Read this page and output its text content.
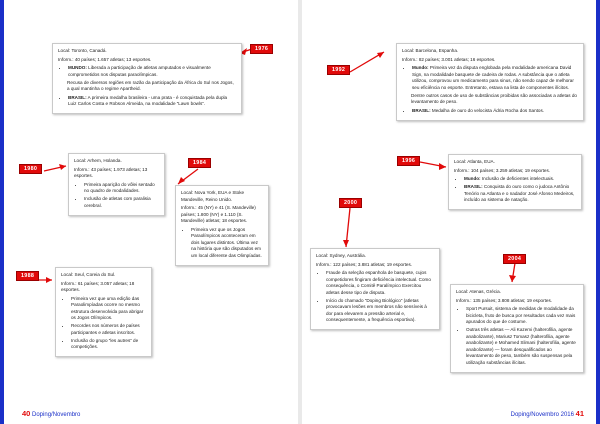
Local: Toronto, Canadá.

Inform.: 40 países; 1.657 atletas; 13 esportes.

• MUNDO: Liberada a participação de atletas amputados e visualmente comprometidos nos disputas paraolímpicas.

Recusa de diversos regiões em razão da participação da África do Sul nos Jogos, a qual mantinha o regime Apartheid.

• BRASIL: A primeira medalha brasileira - uma prata - é conquistada pela dupla Luiz Carlos Costa e Robson Almeida, na modalidade “Lawn bowls”.
1976
1980

Local: Arhem, Holanda.

Inform.: 43 países; 1.973 atletas; 13 esportes.

• Primeira aparição do vôlei sentado no quadro de modalidades.
• Inclusão de atletas com paralisia cerebral.
1984

Local: Nova York, EUA e Stoke Mandeville, Reino Unido.

Inform.: 45 (NY) e 41 (S. Mandeville) países; 1.800 (NY) e 1.110 (S. Mandeville) atletas; 18 esportes.

• Primeira vez que os Jogos Paraolímpicos aconteceram em dois lugares distintos. Última vez na história que são disputados em um local diferente das Olimpíadas.
1988	Local: Seul, Coreia do Sul.

Inform.: 61 países; 3.057 atletas; 18 esportes.

• Primeira vez que uma edição das Paraolimpíadas ocorre no mesmo estrutura desenvolvida para abrigar os Jogos Olímpicos.
• Recordes nos números de países participantes e atletas inscritos.
• Inclusão do grupo “les autres” de competições.
1992

Local: Barcelona, Espanha.

Inform.: 82 países; 3.001 atletas; 16 esportes.

• Mundo: Primeira vez da disputa englobada pela modalidade americana David Sign, na modalidade basquete de cadeira de rodas. A substância que o atleta utilizou, comprovou um medicamento para sinus, não sendo capaz de melhorar seu eficiência no esporte. Entretanto, estava na lista de componentes ilícitos.

Dentre outros casos de uso de substâncias proibidas são associadas a atletas do levantamento de peso.

• BRASIL: Medalha de ouro do velocista Ádria Rocha dos Santos.
1996	Local: Atlanta, EUA.

Inform.: 104 países; 3.259 atletas; 19 esportes.

• Mundo: Inclusão de deficientes intelectuais.
• BRASIL: Conquista do ouro como o judoca Antônio Tenório na Atlanta e o nadador José Afonso Medeiros, incluído ao sistema de natação.
2000

Local: Sydney, Austrália.

Inform.: 122 países; 3.881 atletas; 19 esportes.

• Fraude da seleção espanhola de basquete, cujos competidores fingiram deficiência intelectual. Como consequência, o Comitê Paralímpico Exercitou atletas desse tipo de disputa.
• Início do chamado “Doping Biológico” (atletas provocavam lesões em membros não sensíveis à dor para elevarem a pressão arterial e, consequentemente, a frequência esportiva).
2004

Local: Atenas, Grécia.

Inform.: 135 países; 3.808 atletas; 19 esportes.

• Sport Pursuit, sistema de medidas de modalidade da bicicleta, fruto de busca por resultados cada vez mais apurados do que de costume.
• Outras três atletas — Ali Kazemi (halterofilia, agente anabolizante), Mariusz Tomasz (halterofilia, agente anabolizante) e Mohamed Slimani (halterofilia, agente anabolizante) — foram desqualificados ao levantamento de peso, também são suspensas pela utilização substâncias ilícitas.
40 Doping/Novembro	Doping/Novembro 2016 41
